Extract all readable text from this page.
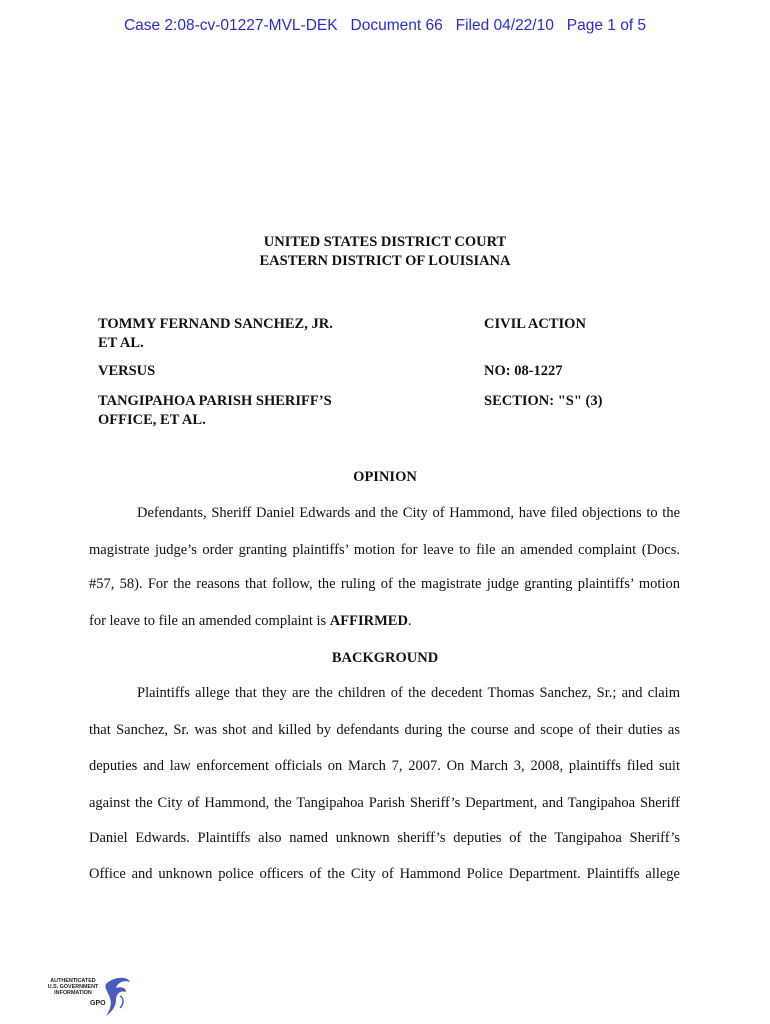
Case 2:08-cv-01227-MVL-DEK   Document 66   Filed 04/22/10   Page 1 of 5
UNITED STATES DISTRICT COURT
EASTERN DISTRICT OF LOUISIANA
TOMMY FERNAND SANCHEZ, JR.
ET AL.
VERSUS
TANGIPAHOA PARISH SHERIFF’S
OFFICE, ET AL.
CIVIL ACTION
NO: 08-1227
SECTION: "S" (3)
OPINION
Defendants, Sheriff Daniel Edwards and the City of Hammond, have filed objections to the
magistrate judge’s order granting plaintiffs’ motion for leave to file an amended complaint (Docs.
#57, 58). For the reasons that follow, the ruling of the magistrate judge granting plaintiffs’ motion
for leave to file an amended complaint is AFFIRMED.
BACKGROUND
Plaintiffs allege that they are the children of the decedent Thomas Sanchez, Sr.; and claim
that Sanchez, Sr. was shot and killed by defendants during the course and scope of their duties as
deputies and law enforcement officials on March 7, 2007. On March 3, 2008, plaintiffs filed suit
against the City of Hammond, the Tangipahoa Parish Sheriff’s Department, and Tangipahoa Sheriff
Daniel Edwards. Plaintiffs also named unknown sheriff’s deputies of the Tangipahoa Sheriff’s
Office and unknown police officers of the City of Hammond Police Department. Plaintiffs allege
AUTHENTICATED
U.S. GOVERNMENT
INFORMATION
GPO
